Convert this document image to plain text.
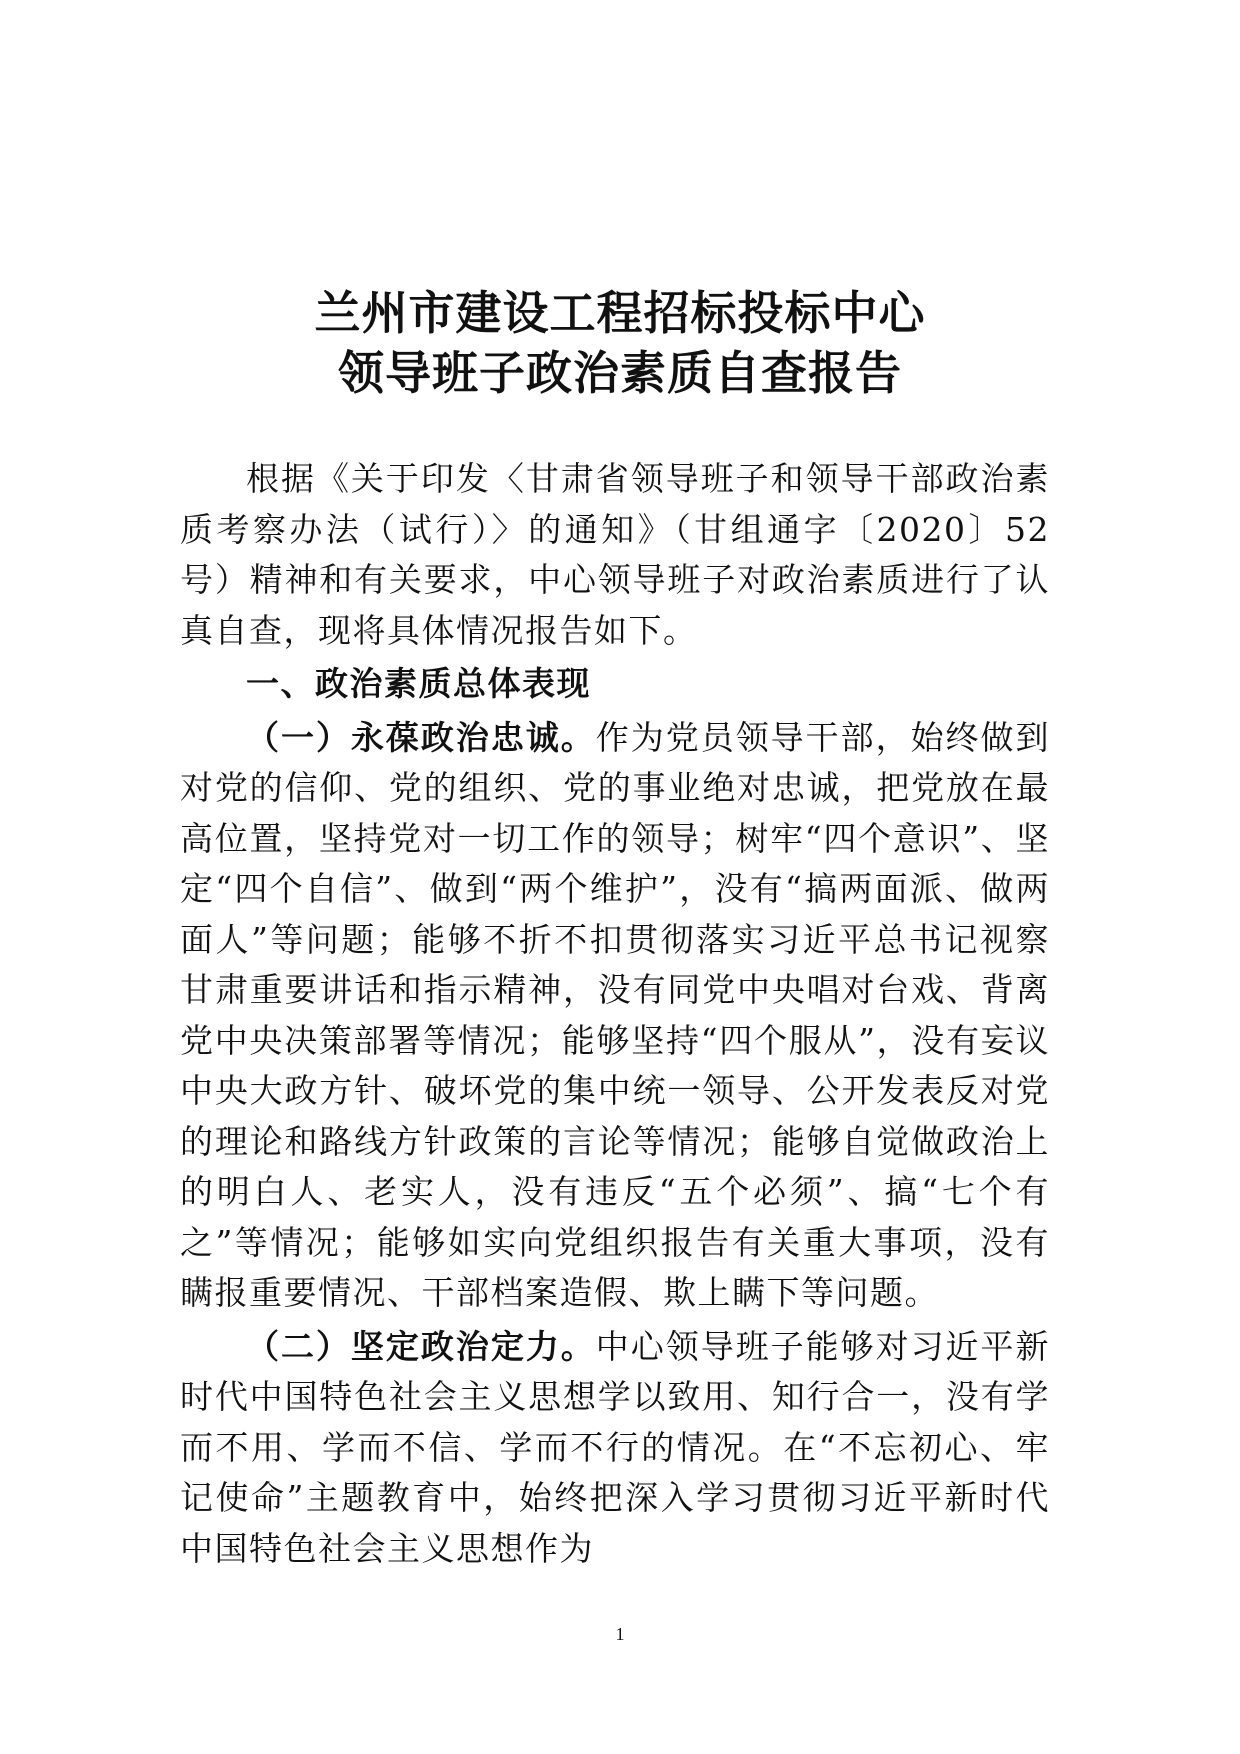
兰州市建设工程招标投标中心
领导班子政治素质自查报告

根据《关于印发〈甘肃省领导班子和领导干部政治素质考察办法（试行）〉的通知》（甘组通字〔2020〕52号）精神和有关要求，中心领导班子对政治素质进行了认真自查，现将具体情况报告如下。

一、政治素质总体表现

（一）永葆政治忠诚。作为党员领导干部，始终做到对党的信仰、党的组织、党的事业绝对忠诚，把党放在最高位置，坚持党对一切工作的领导；树牢“四个意识”、坚定“四个自信”、做到“两个维护”，没有“搞两面派、做两面人”等问题；能够不折不扣贯彻落实习近平总书记视察甘肃重要讲话和指示精神，没有同党中央唱对台戏、背离党中央决策部署等情况；能够坚持“四个服从”，没有妄议中央大政方针、破坏党的集中统一领导、公开发表反对党的理论和路线方针政策的言论等情况；能够自觉做政治上的明白人、老实人，没有违反“五个必须”、搞“七个有之”等情况；能够如实向党组织报告有关重大事项，没有瞒报重要情况、干部档案造假、欺上瞒下等问题。

（二）坚定政治定力。中心领导班子能够对习近平新时代中国特色社会主义思想学以致用、知行合一，没有学而不用、学而不信、学而不行的情况。在“不忘初心、牢记使命”主题教育中，始终把深入学习贯彻习近平新时代中国特色社会主义思想作为

1
